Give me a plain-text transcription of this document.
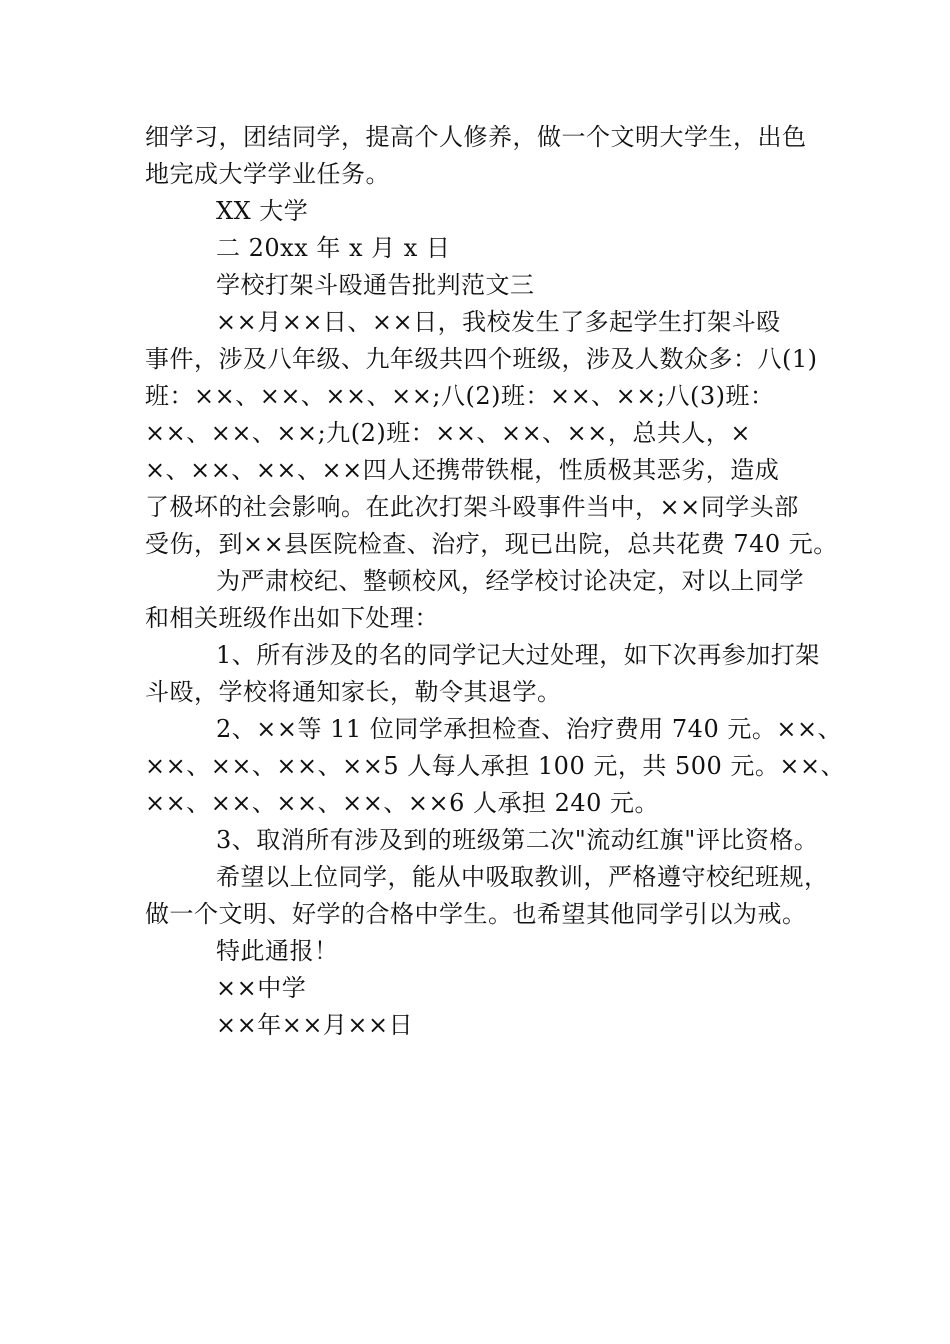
细学习，团结同学，提高个人修养，做一个文明大学生，出色
地完成大学学业任务。
XX 大学
二 20xx 年 x 月 x 日
学校打架斗殴通告批判范文三
××月××日、××日，我校发生了多起学生打架斗殴
事件，涉及八年级、九年级共四个班级，涉及人数众多：八(1)
班：××、××、××、××;八(2)班：××、××;八(3)班：
××、××、××;九(2)班：××、××、××，总共人，×
×、××、××、××四人还携带铁棍，性质极其恶劣，造成
了极坏的社会影响。在此次打架斗殴事件当中，××同学头部
受伤，到××县医院检查、治疗，现已出院，总共花费 740 元。
为严肃校纪、整顿校风，经学校讨论决定，对以上同学
和相关班级作出如下处理：
1、所有涉及的名的同学记大过处理，如下次再参加打架
斗殴，学校将通知家长，勒令其退学。
2、××等 11 位同学承担检查、治疗费用 740 元。××、
××、××、××、××5 人每人承担 100 元，共 500 元。××、
××、××、××、××、××6 人承担 240 元。
3、取消所有涉及到的班级第二次"流动红旗"评比资格。
希望以上位同学，能从中吸取教训，严格遵守校纪班规，
做一个文明、好学的合格中学生。也希望其他同学引以为戒。
特此通报！
××中学
××年××月××日
